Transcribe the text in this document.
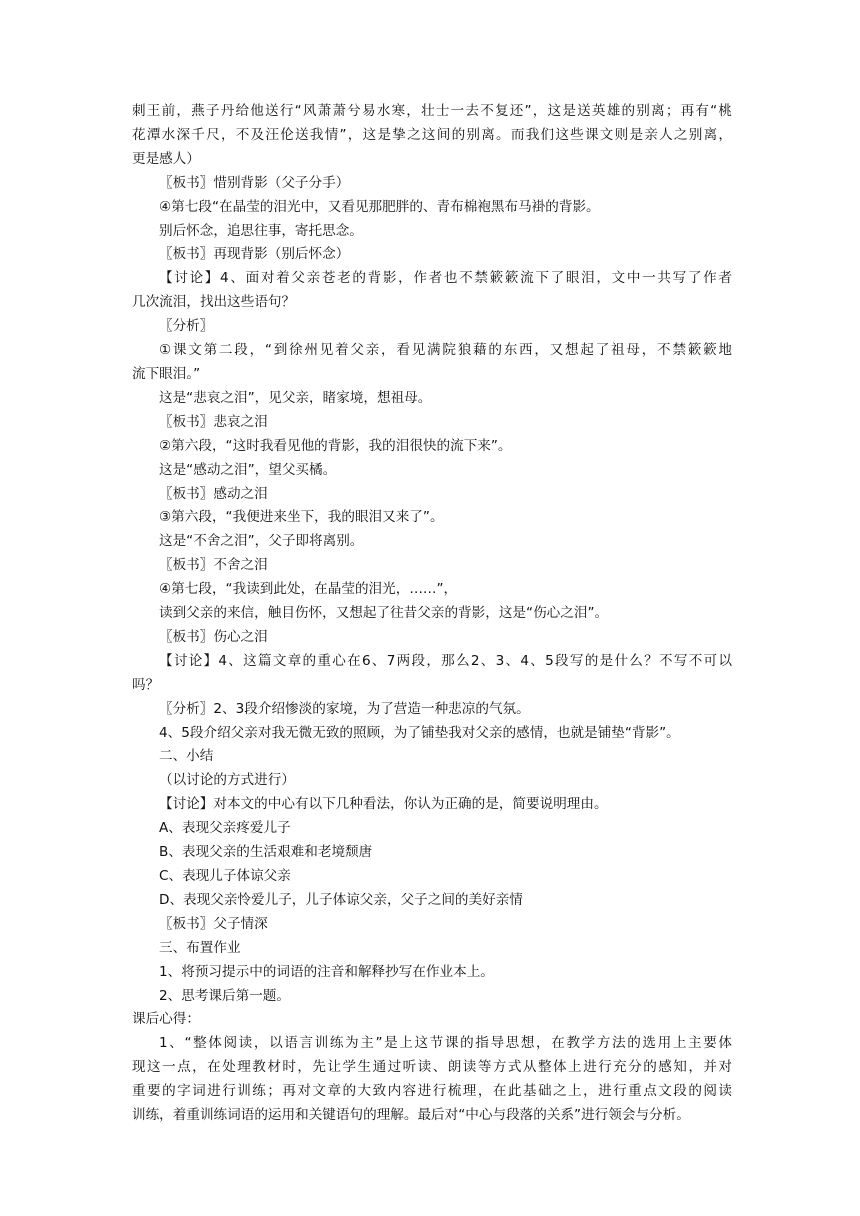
刺王前，燕子丹给他送行“风萧萧兮易水寒，壮士一去不复还”，这是送英雄的别离；再有“桃
花潭水深千尺，不及汪伦送我情”，这是挚之这间的别离。而我们这些课文则是亲人之别离，
更是感人）
〖板书〗惜别背影（父子分手）
④第七段“在晶莹的泪光中，又看见那肥胖的、青布棉袍黑布马褂的背影。
别后怀念，追思往事，寄托思念。
〖板书〗再现背影（别后怀念）
【讨论】4、面对着父亲苍老的背影，作者也不禁簌簌流下了眼泪，文中一共写了作者
几次流泪，找出这些语句？
〖分析〗
①课文第二段，“到徐州见着父亲，看见满院狼藉的东西，又想起了祖母，不禁簌簌地
流下眼泪。”
这是“悲哀之泪”，见父亲，睹家境，想祖母。
〖板书〗悲哀之泪
②第六段，“这时我看见他的背影，我的泪很快的流下来”。
这是“感动之泪”，望父买橘。
〖板书〗感动之泪
③第六段，“我便进来坐下，我的眼泪又来了”。
这是“不舍之泪”，父子即将离别。
〖板书〗不舍之泪
④第七段，“我读到此处，在晶莹的泪光，……”，
读到父亲的来信，触目伤怀，又想起了往昔父亲的背影，这是“伤心之泪”。
〖板书〗伤心之泪
【讨论】4、这篇文章的重心在6、7两段，那么2、3、4、5段写的是什么？不写不可以
吗？
〖分析〗2、3段介绍惨淡的家境，为了营造一种悲凉的气氛。
4、5段介绍父亲对我无微无致的照顾，为了铺垫我对父亲的感情，也就是铺垫“背影”。
二、小结
（以讨论的方式进行）
【讨论】对本文的中心有以下几种看法，你认为正确的是，简要说明理由。
A、表现父亲疼爱儿子
B、表现父亲的生活艰难和老境颓唐
C、表现儿子体谅父亲
D、表现父亲怜爱儿子，儿子体谅父亲，父子之间的美好亲情
〖板书〗父子情深
三、布置作业
1、将预习提示中的词语的注音和解释抄写在作业本上。
2、思考课后第一题。
课后心得：
1、“整体阅读，以语言训练为主”是上这节课的指导思想，在教学方法的选用上主要体
现这一点，在处理教材时，先让学生通过听读、朗读等方式从整体上进行充分的感知，并对
重要的字词进行训练；再对文章的大致内容进行梳理，在此基础之上，进行重点文段的阅读
训练，着重训练词语的运用和关键语句的理解。最后对“中心与段落的关系”进行领会与分析。
